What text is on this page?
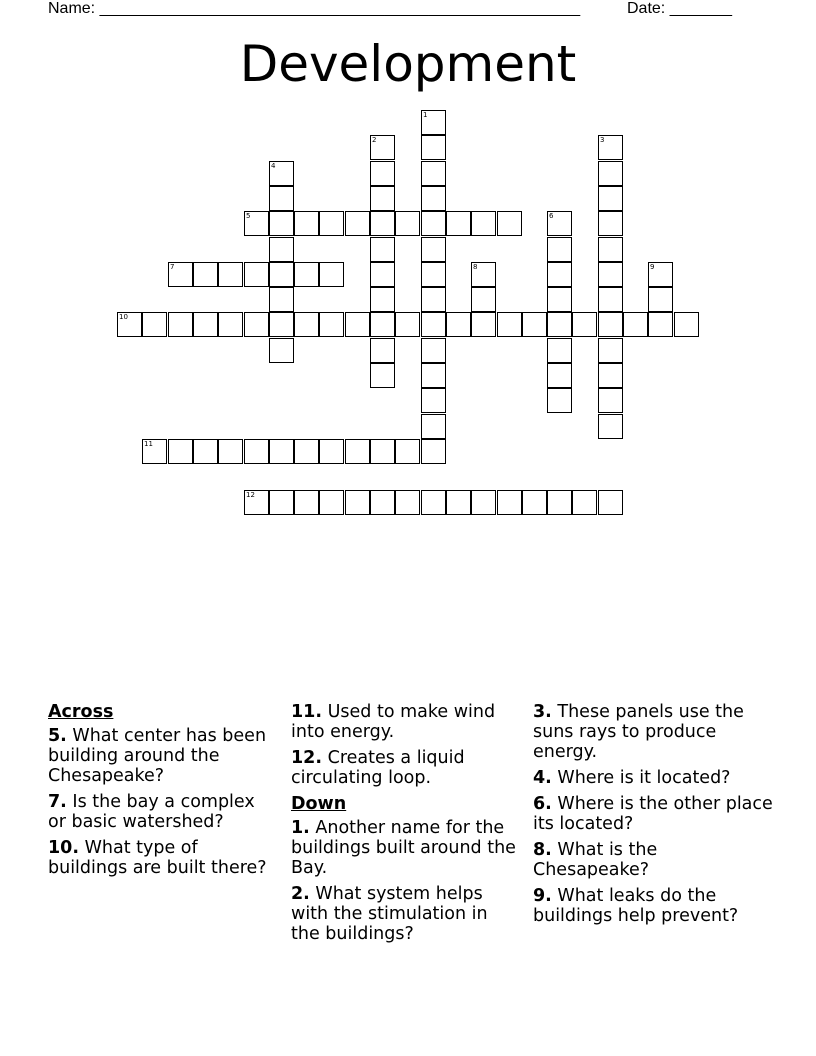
Name: ______________________________________________________	Date: _______
Development
1
2	3
4
5	6
7	8	9
10
11
12
Across
5. What center has been building around the Chesapeake?
7. Is the bay a complex or basic watershed?
10. What type of buildings are built there?
11. Used to make wind into energy.
12. Creates a liquid circulating loop.
Down
1. Another name for the buildings built around the Bay.
2. What system helps with the stimulation in the buildings?
3. These panels use the suns rays to produce energy.
4. Where is it located?
6. Where is the other place its located?
8. What is the Chesapeake?
9. What leaks do the buildings help prevent?
